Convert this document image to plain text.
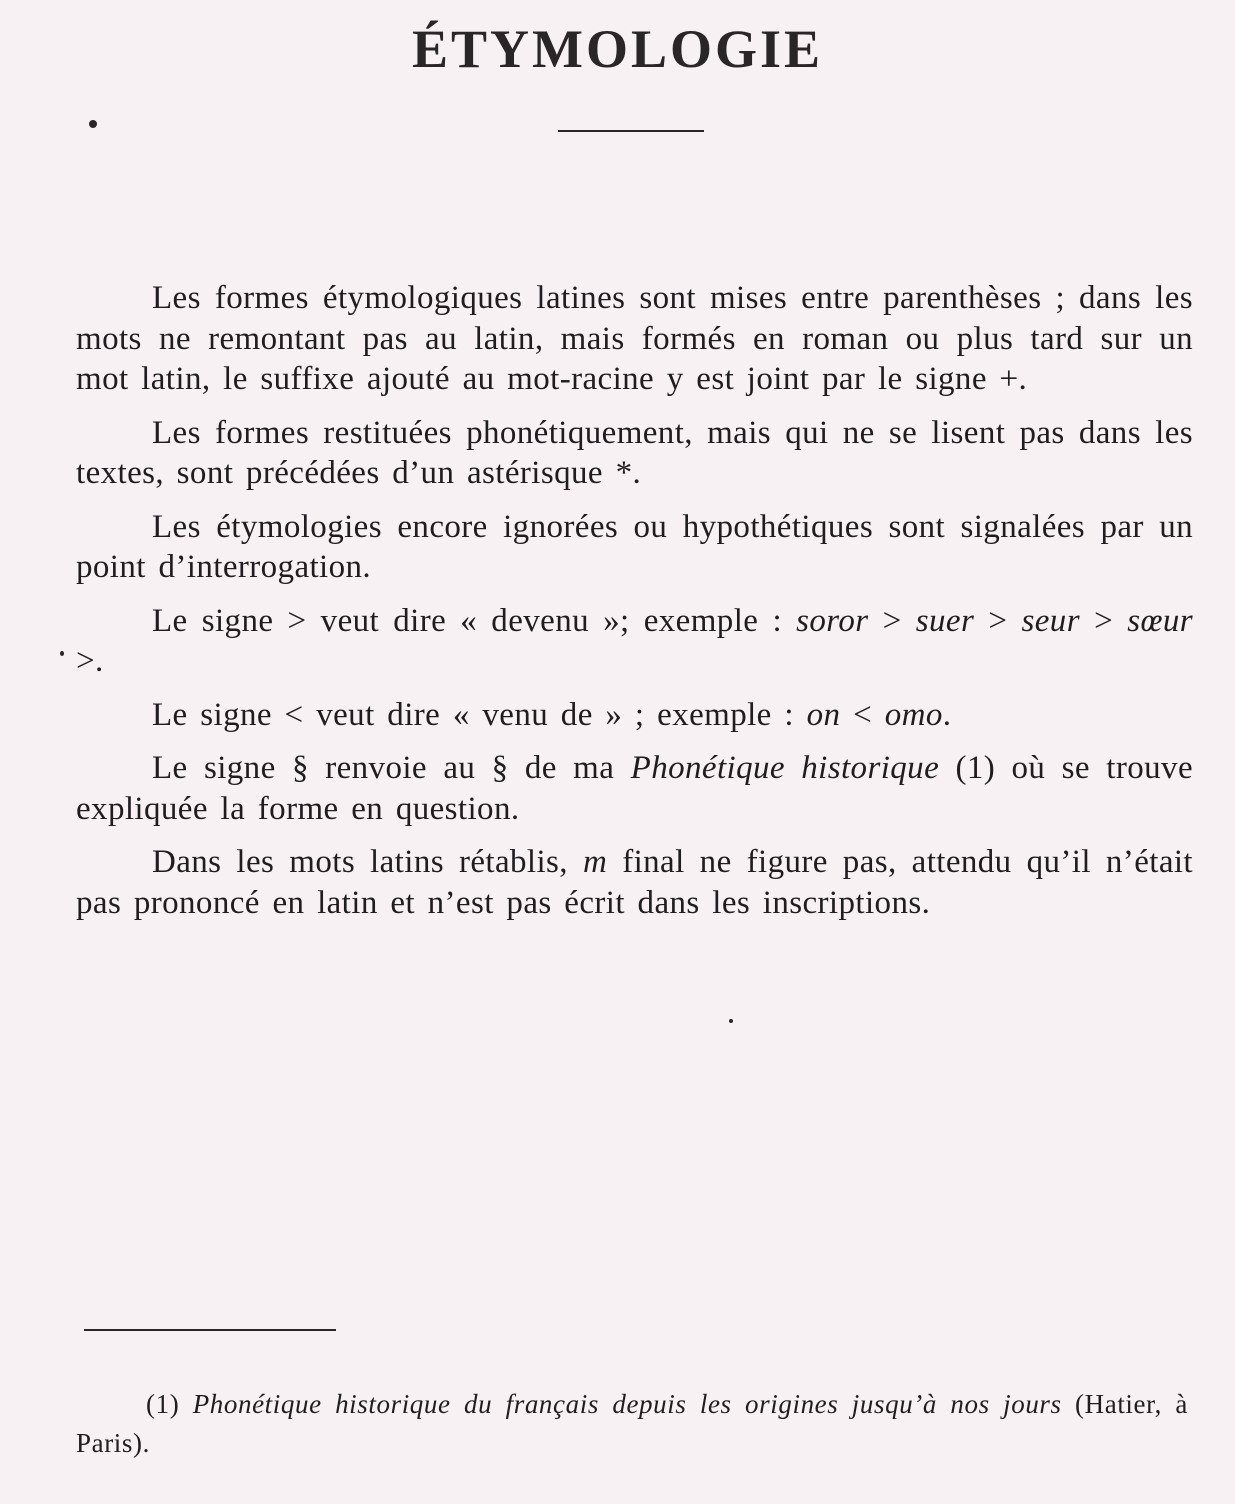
ÉTYMOLOGIE

Les formes étymologiques latines sont mises entre parenthèses ; dans les mots ne remontant pas au latin, mais formés en roman ou plus tard sur un mot latin, le suffixe ajouté au mot-racine y est joint par le signe +.

Les formes restituées phonétiquement, mais qui ne se lisent pas dans les textes, sont précédées d’un astérisque *.

Les étymologies encore ignorées ou hypothétiques sont signalées par un point d’interrogation.

Le signe > veut dire « devenu »; exemple : soror > suer > seur > sœur >.

Le signe < veut dire « venu de » ; exemple : on < omo.

Le signe § renvoie au § de ma Phonétique historique (1) où se trouve expliquée la forme en question.

Dans les mots latins rétablis, m final ne figure pas, attendu qu’il n’était pas prononcé en latin et n’est pas écrit dans les inscriptions.

(1) Phonétique historique du français depuis les origines jusqu’à nos jours (Hatier, à Paris).
